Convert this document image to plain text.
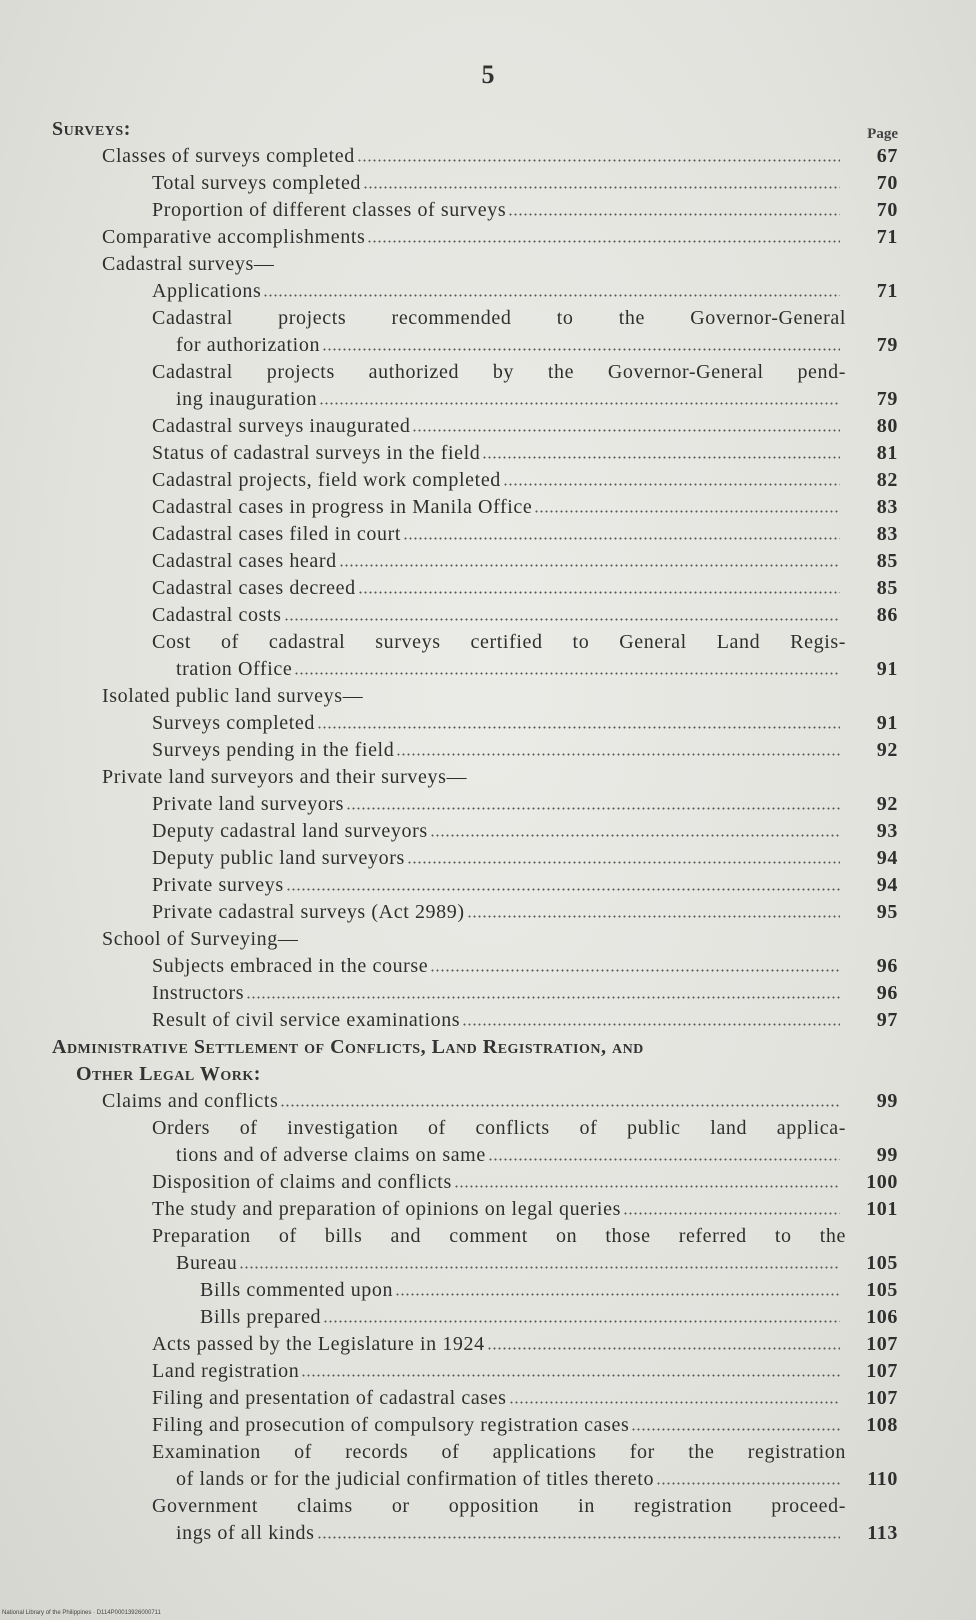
5
Page
Surveys:
Classes of surveys completed	67
Total surveys completed	70
Proportion of different classes of surveys	70
Comparative accomplishments	71
Cadastral surveys—
Applications	71
Cadastral projects recommended to the Governor-General
for authorization	79
Cadastral projects authorized by the Governor-General pend-
ing inauguration	79
Cadastral surveys inaugurated	80
Status of cadastral surveys in the field	81
Cadastral projects, field work completed	82
Cadastral cases in progress in Manila Office	83
Cadastral cases filed in court	83
Cadastral cases heard	85
Cadastral cases decreed	85
Cadastral costs	86
Cost of cadastral surveys certified to General Land Regis-
tration Office	91
Isolated public land surveys—
Surveys completed	91
Surveys pending in the field	92
Private land surveyors and their surveys—
Private land surveyors	92
Deputy cadastral land surveyors	93
Deputy public land surveyors	94
Private surveys	94
Private cadastral surveys (Act 2989)	95
School of Surveying—
Subjects embraced in the course	96
Instructors	96
Result of civil service examinations	97
Administrative Settlement of Conflicts, Land Registration, and
Other Legal Work:
Claims and conflicts	99
Orders of investigation of conflicts of public land applica-
tions and of adverse claims on same	99
Disposition of claims and conflicts	100
The study and preparation of opinions on legal queries	101
Preparation of bills and comment on those referred to the
Bureau	105
Bills commented upon	105
Bills prepared	106
Acts passed by the Legislature in 1924	107
Land registration	107
Filing and presentation of cadastral cases	107
Filing and prosecution of compulsory registration cases	108
Examination of records of applications for the registration
of lands or for the judicial confirmation of titles thereto	110
Government claims or opposition in registration proceed-
ings of all kinds	113
National Library of the Philippines · D114P00013926000711
